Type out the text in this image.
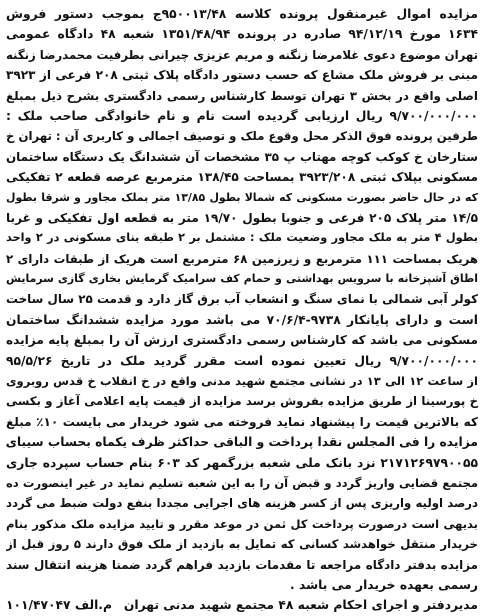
مزایده اموال غیرمنقول پرونده کلاسه ۹۵۰۰۱۳/۴۸ج بموجب دستور فروش
۱۶۳۴ مورخ ۹۴/۱۲/۱۹ صادره در پرونده ۱۳۵۱/۴۸/۹۴ شعبه ۴۸ دادگاه عمومی
تهران موضوع دعوی غلامرضا زنگنه و مریم عزیزی چیرانی بطرفیت محمدرضا زنگنه
مبنی بر فروش ملک مشاع که حسب دستور دادگاه پلاک ثبتی ۲۰۸ فرعی از ۳۹۲۳
اصلی واقع در بخش ۳ تهران توسط کارشناس رسمی دادگستری بشرح ذیل بمبلغ
۹/۷۰۰/۰۰۰/۰۰۰ ریال ارزیابی گردیده است نام و نام خانوادگی صاحب ملک :
طرفین پرونده فوق الذکر محل وقوع ملک و توصیف اجمالی و کاربری آن : تهران خ
ستارخان خ کوکب کوچه مهتاب پ ۳۵ مشخصات آن ششدانگ یک دستگاه ساختمان
مسکونی بپلاک ثبتی ۳۹۲۳/۲۰۸ بمساحت ۱۳۸/۴۵ مترمربع عرصه قطعه ۲ تفکیکی
که در حال حاضر بصورت مسکونی که شمالا بطول ۱۳/۸۵ متر بملک مجاور و شرقا بطول
۱۴/۵ متر پلاک ۲۰۵ فرعی و جنوبا بطول ۱۹/۷۰ متر به قطعه اول تفکیکی و غربا
بطول ۴ متر به ملک مجاور وضعیت ملک : مشتمل بر ۲ طبقه بنای مسکونی در ۲ واحد
هریک بمساحت ۱۱۱ مترمربع و زیرزمین ۶۸ مترمربع است هریک از طبقات دارای ۲
اطاق آشپزخانه با سرویس بهداشتی و حمام کف سرامیک گرمایش بخاری گازی سرمایش
کولر آبی شمالی با نمای سنگ و انشعاب آب برق گاز دارد و قدمت ۲۵ سال ساخت
است و دارای پایانکار ۹۷۳۸-۷۰/۶/۴ می باشد مورد مزایده ششدانگ ساختمان
مسکونی می باشد که کارشناس رسمی دادگستری ارزش آن را بمبلغ پایه مزایده
۹/۷۰۰/۰۰۰/۰۰۰ ریال تعیین نموده است مقرر گردید ملک در تاریخ ۹۵/۵/۲۶
از ساعت ۱۲ الی ۱۳ در نشانی مجتمع شهید مدنی واقع در خ انقلاب خ قدس روبروی
خ پورسینا از طریق مزایده بفروش برسد مزایده از قیمت پایه اعلامی آغاز و بکسی
که بالاترین قیمت را پیشنهاد نماید فروخته می شود خریدار می بایست ۱۰٪ مبلغ
مزایده را فی المجلس نقدا پرداخت و الباقی حداکثر ظرف یکماه بحساب سیبای
۲۱۷۱۲۶۹۷۹۰۰۵۵ نزد بانک ملی شعبه بزرگمهر کد ۶۰۳ بنام حساب سپرده جاری
مجتمع قضایی واریز گردد و قبض آن را به این شعبه تسلیم نماید در غیر اینصورت ده
درصد اولیه واریزی پس از کسر هزینه های اجرایی مجددا بنفع دولت ضبط می گردد
بدیهی است درصورت پرداخت کل ثمن در موعد مقرر و تایید مزایده ملک مذکور بنام
خریدار منتقل خواهدشد کسانی که تمایل به بازدید از ملک فوق دارند ۵ روز قبل از
مزایده بدفتر دادگاه مراجعه تا مقدمات بازدید فراهم گردد ضمنا هزینه انتقال سند
رسمی بعهده خریدار می باشد .
مدیردفتر و اجرای احکام شعبه ۴۸ مجتمع شهید مدنی تهران
۱۰۱/۴۷۰۴۷ م.الف
